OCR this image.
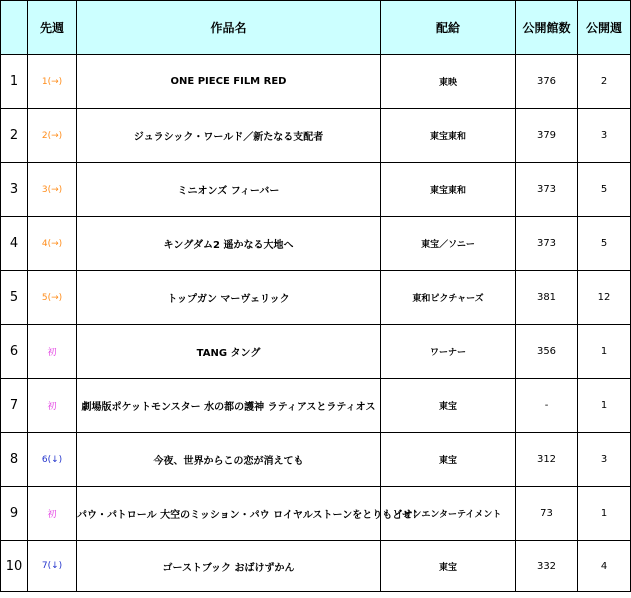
	先週	作品名	配給	公開館数	公開週
1	1(→)	ONE PIECE FILM RED	東映	376	2
2	2(→)	ジュラシック・ワールド／新たなる支配者	東宝東和	379	3
3	3(→)	ミニオンズ フィーバー	東宝東和	373	5
4	4(→)	キングダム2 遥かなる大地へ	東宝／ソニー	373	5
5	5(→)	トップガン マーヴェリック	東和ピクチャーズ	381	12
6	初	TANG タング	ワーナー	356	1
7	初	劇場版ポケットモンスター 水の都の護神 ラティアスとラティオス	東宝	-	1
8	6(↓)	今夜、世界からこの恋が消えても	東宝	312	3
9	初	パウ・パトロール 大空のミッション・パウ ロイヤルストーンをとりもどせ！	イオンエンターテイメント	73	1
10	7(↓)	ゴーストブック おばけずかん	東宝	332	4
